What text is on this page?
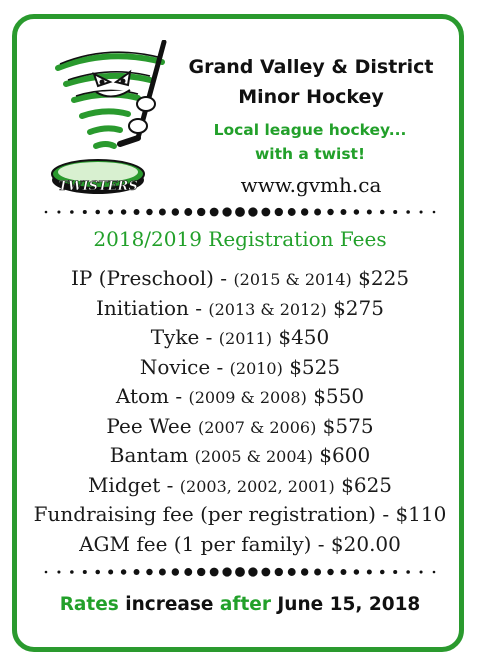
TWISTERS
Grand Valley & District
Minor Hockey
Local league hockey...
with a twist!
www.gvmh.ca
2018/2019 Registration Fees
IP (Preschool) - (2015 & 2014) $225
Initiation - (2013 & 2012) $275
Tyke - (2011) $450
Novice - (2010) $525
Atom - (2009 & 2008) $550
Pee Wee (2007 & 2006) $575
Bantam (2005 & 2004) $600
Midget - (2003, 2002, 2001) $625
Fundraising fee (per registration) - $110
AGM fee (1 per family) - $20.00
Rates increase after June 15, 2018
